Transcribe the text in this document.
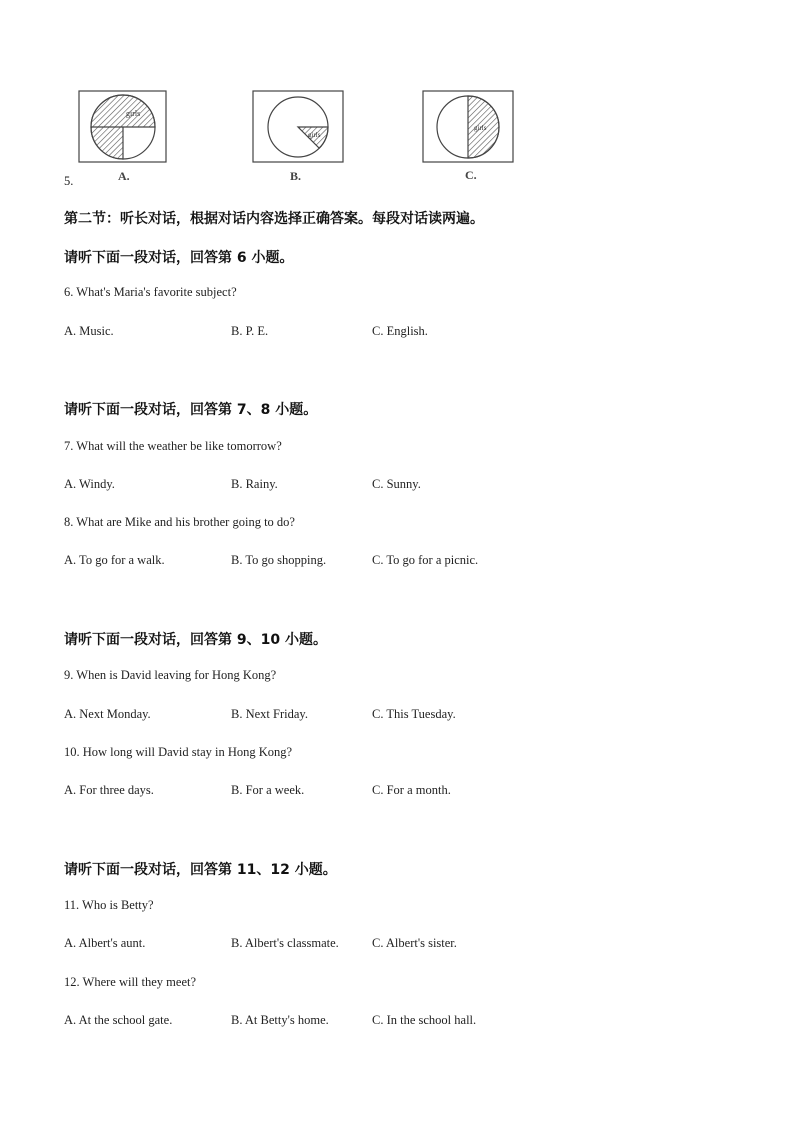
girls
A.
girls
B.
girls
C.
5.
第二节：听长对话，根据对话内容选择正确答案。每段对话读两遍。
请听下面一段对话，回答第 6 小题。
6. What's Maria's favorite subject?
A. Music.	B. P. E.	C. English.
请听下面一段对话，回答第 7、8 小题。
7. What will the weather be like tomorrow?
A. Windy.	B. Rainy.	C. Sunny.
8. What are Mike and his brother going to do?
A. To go for a walk.	B. To go shopping.	C. To go for a picnic.
请听下面一段对话，回答第 9、10 小题。
9. When is David leaving for Hong Kong?
A. Next Monday.	B. Next Friday.	C. This Tuesday.
10. How long will David stay in Hong Kong?
A. For three days.	B. For a week.	C. For a month.
请听下面一段对话，回答第 11、12 小题。
11. Who is Betty?
A. Albert's aunt.	B. Albert's classmate.	C. Albert's sister.
12. Where will they meet?
A. At the school gate.	B. At Betty's home.	C. In the school hall.
